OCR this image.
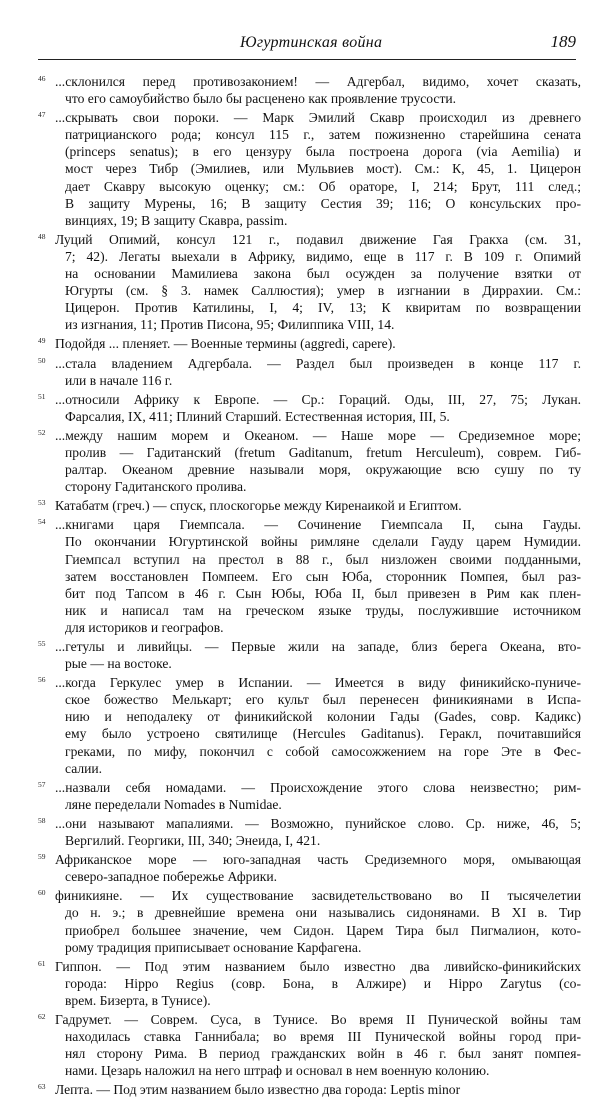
Югуртинская война	189
46 ...склонился перед противозаконием! — Адгербал, видимо, хочет сказать,
что его самоубийство было бы расценено как проявление трусости.
47 ...скрывать свои пороки. — Марк Эмилий Скавр происходил из древнего
патрицианского рода; консул 115 г., затем пожизненно старейшина сената
(princeps senatus); в его цензуру была построена дорога (via Aemilia) и
мост через Тибр (Эмилиев, или Мульвиев мост). См.: К, 45, 1. Цицерон
дает Скавру высокую оценку; см.: Об ораторе, I, 214; Брут, 111 след.;
В защиту Мурены, 16; В защиту Сестия 39; 116; О консульских про-
винциях, 19; В защиту Скавра, passim.
48 Луций Опимий, консул 121 г., подавил движение Гая Гракха (см. 31,
7; 42). Легаты выехали в Африку, видимо, еще в 117 г. В 109 г. Опимий
на основании Мамилиева закона был осужден за получение взятки от
Югурты (см. § 3. намек Саллюстия); умер в изгнании в Диррахии. См.:
Цицерон. Против Катилины, I, 4; IV, 13; К квиритам по возвращении
из изгнания, 11; Против Писона, 95; Филиппика VIII, 14.
49 Подойдя ... пленяет. — Военные термины (aggredi, capere).
50 ...стала владением Адгербала. — Раздел был произведен в конце 117 г.
или в начале 116 г.
51 ...относили Африку к Европе. — Ср.: Гораций. Оды, III, 27, 75; Лукан.
Фарсалия, IX, 411; Плиний Старший. Естественная история, III, 5.
52 ...между нашим морем и Океаном. — Наше море — Средиземное море;
пролив — Гадитанский (fretum Gaditanum, fretum Herculeum), соврем. Гиб-
ралтар. Океаном древние называли моря, окружающие всю сушу по ту
сторону Гадитанского пролива.
53 Катабатм (греч.) — спуск, плоскогорье между Киренаикой и Египтом.
54 ...книгами царя Гиемпсала. — Сочинение Гиемпсала II, сына Гауды.
По окончании Югуртинской войны римляне сделали Гауду царем Нумидии.
Гиемпсал вступил на престол в 88 г., был низложен своими подданными,
затем восстановлен Помпеем. Его сын Юба, сторонник Помпея, был раз-
бит под Тапсом в 46 г. Сын Юбы, Юба II, был привезен в Рим как плен-
ник и написал там на греческом языке труды, послужившие источником
для историков и географов.
55 ...гетулы и ливийцы. — Первые жили на западе, близ берега Океана, вто-
рые — на востоке.
56 ...когда Геркулес умер в Испании. — Имеется в виду финикийско-пуниче-
ское божество Мелькарт; его культ был перенесен финикиянами в Испа-
нию и неподалеку от финикийской колонии Гады (Gades, совр. Кадикс)
ему было устроено святилище (Hercules Gaditanus). Геракл, почитавшийся
греками, по мифу, покончил с собой самосожжением на горе Эте в Фес-
салии.
57 ...назвали себя номадами. — Происхождение этого слова неизвестно; рим-
ляне переделали Nomades в Numidae.
58 ...они называют мапалиями. — Возможно, пунийское слово. Ср. ниже, 46, 5;
Вергилий. Георгики, III, 340; Энеида, I, 421.
59 Африканское море — юго-западная часть Средиземного моря, омывающая
северо-западное побережье Африки.
60 финикияне. — Их существование засвидетельствовано во II тысячелетии
до н. э.; в древнейшие времена они назывались сидонянами. В XI в. Тир
приобрел большее значение, чем Сидон. Царем Тира был Пигмалион, кото-
рому традиция приписывает основание Карфагена.
61 Гиппон. — Под этим названием было известно два ливийско-финикийских
города: Hippo Regius (совр. Бона, в Алжире) и Hippo Zarytus (со-
врем. Бизерта, в Тунисе).
62 Гадрумет. — Соврем. Суса, в Тунисе. Во время II Пунической войны там
находилась ставка Ганнибала; во время III Пунической войны город при-
нял сторону Рима. В период гражданских войн в 46 г. был занят помпея-
нами. Цезарь наложил на него штраф и основал в нем военную колонию.
63 Лепта. — Под этим названием было известно два города: Leptis minor
